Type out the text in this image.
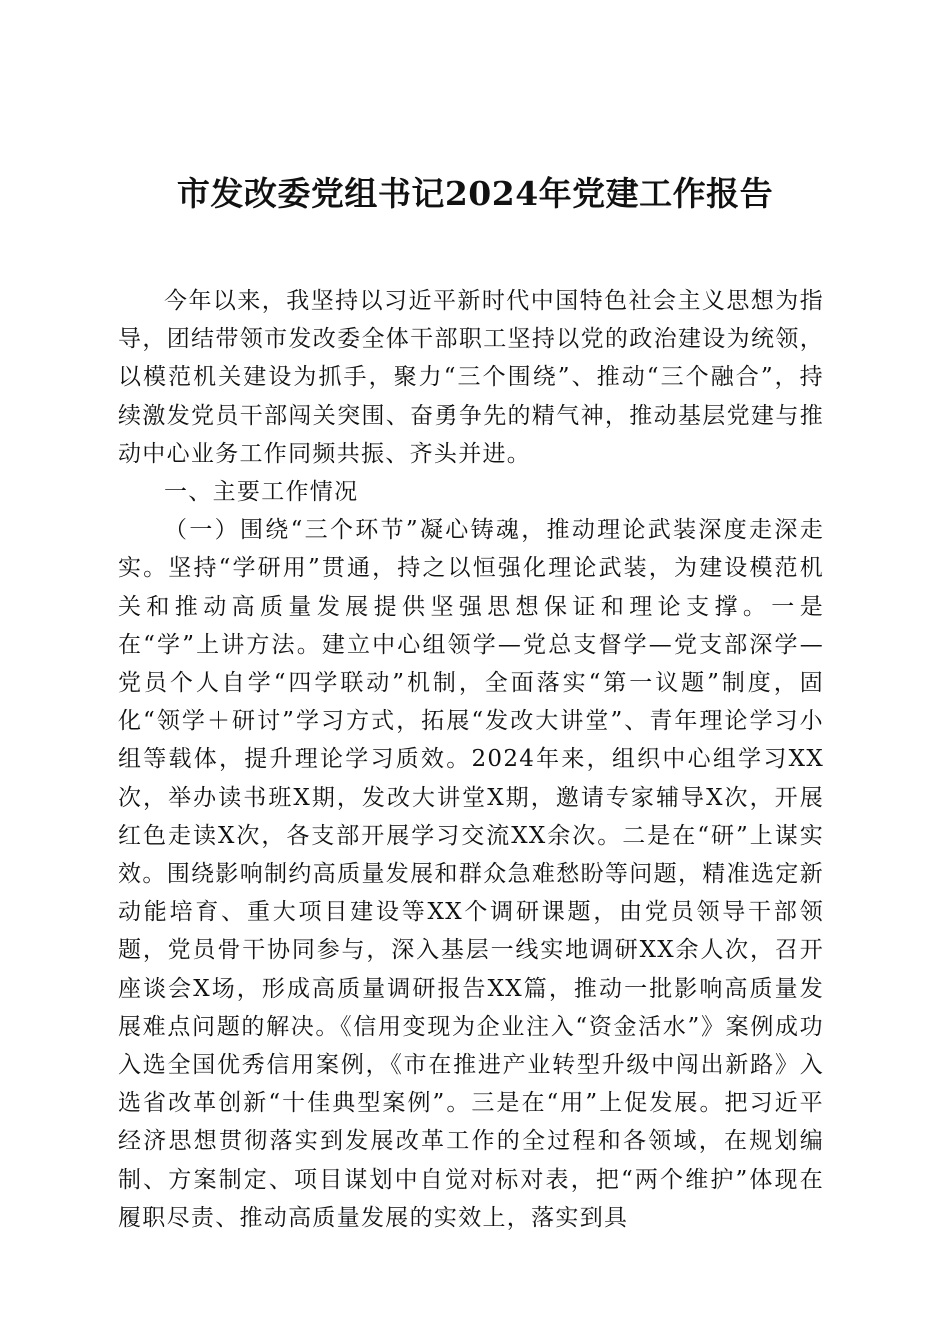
市发改委党组书记2024年党建工作报告

今年以来，我坚持以习近平新时代中国特色社会主义思想为指导，团结带领市发改委全体干部职工坚持以党的政治建设为统领，以模范机关建设为抓手，聚力“三个围绕”、推动“三个融合”，持续激发党员干部闯关突围、奋勇争先的精气神，推动基层党建与推动中心业务工作同频共振、齐头并进。

一、主要工作情况

（一）围绕“三个环节”凝心铸魂，推动理论武装深度走深走实。坚持“学研用”贯通，持之以恒强化理论武装，为建设模范机关和推动高质量发展提供坚强思想保证和理论支撑。一是在“学”上讲方法。建立中心组领学—党总支督学—党支部深学—党员个人自学“四学联动”机制，全面落实“第一议题”制度，固化“领学＋研讨”学习方式，拓展“发改大讲堂”、青年理论学习小组等载体，提升理论学习质效。2024年来，组织中心组学习XX次，举办读书班X期，发改大讲堂X期，邀请专家辅导X次，开展红色走读X次，各支部开展学习交流XX余次。二是在“研”上谋实效。围绕影响制约高质量发展和群众急难愁盼等问题，精准选定新动能培育、重大项目建设等XX个调研课题，由党员领导干部领题，党员骨干协同参与，深入基层一线实地调研XX余人次，召开座谈会X场，形成高质量调研报告XX篇，推动一批影响高质量发展难点问题的解决。《信用变现为企业注入“资金活水”》案例成功入选全国优秀信用案例，《市在推进产业转型升级中闯出新路》入选省改革创新“十佳典型案例”。三是在“用”上促发展。把习近平经济思想贯彻落实到发展改革工作的全过程和各领域，在规划编制、方案制定、项目谋划中自觉对标对表，把“两个维护”体现在履职尽责、推动高质量发展的实效上，落实到具
